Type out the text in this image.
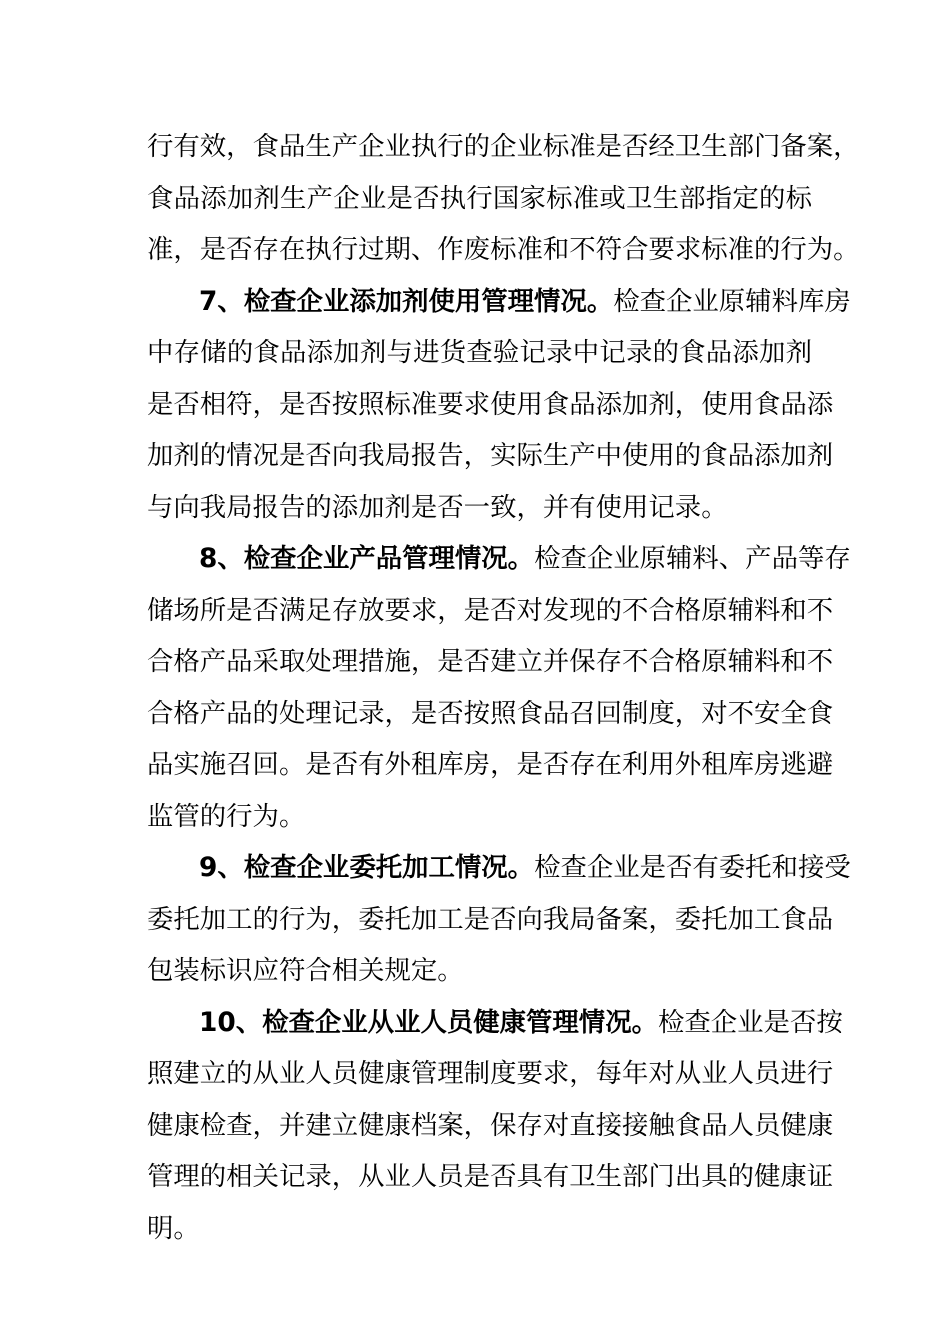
行有效，食品生产企业执行的企业标准是否经卫生部门备案，
食品添加剂生产企业是否执行国家标准或卫生部指定的标
准，是否存在执行过期、作废标准和不符合要求标准的行为。
7、检查企业添加剂使用管理情况。检查企业原辅料库房
中存储的食品添加剂与进货查验记录中记录的食品添加剂
是否相符，是否按照标准要求使用食品添加剂，使用食品添
加剂的情况是否向我局报告，实际生产中使用的食品添加剂
与向我局报告的添加剂是否一致，并有使用记录。
8、检查企业产品管理情况。检查企业原辅料、产品等存
储场所是否满足存放要求，是否对发现的不合格原辅料和不
合格产品采取处理措施，是否建立并保存不合格原辅料和不
合格产品的处理记录，是否按照食品召回制度，对不安全食
品实施召回。是否有外租库房，是否存在利用外租库房逃避
监管的行为。
9、检查企业委托加工情况。检查企业是否有委托和接受
委托加工的行为，委托加工是否向我局备案，委托加工食品
包装标识应符合相关规定。
10、检查企业从业人员健康管理情况。检查企业是否按
照建立的从业人员健康管理制度要求，每年对从业人员进行
健康检查，并建立健康档案，保存对直接接触食品人员健康
管理的相关记录，从业人员是否具有卫生部门出具的健康证
明。
